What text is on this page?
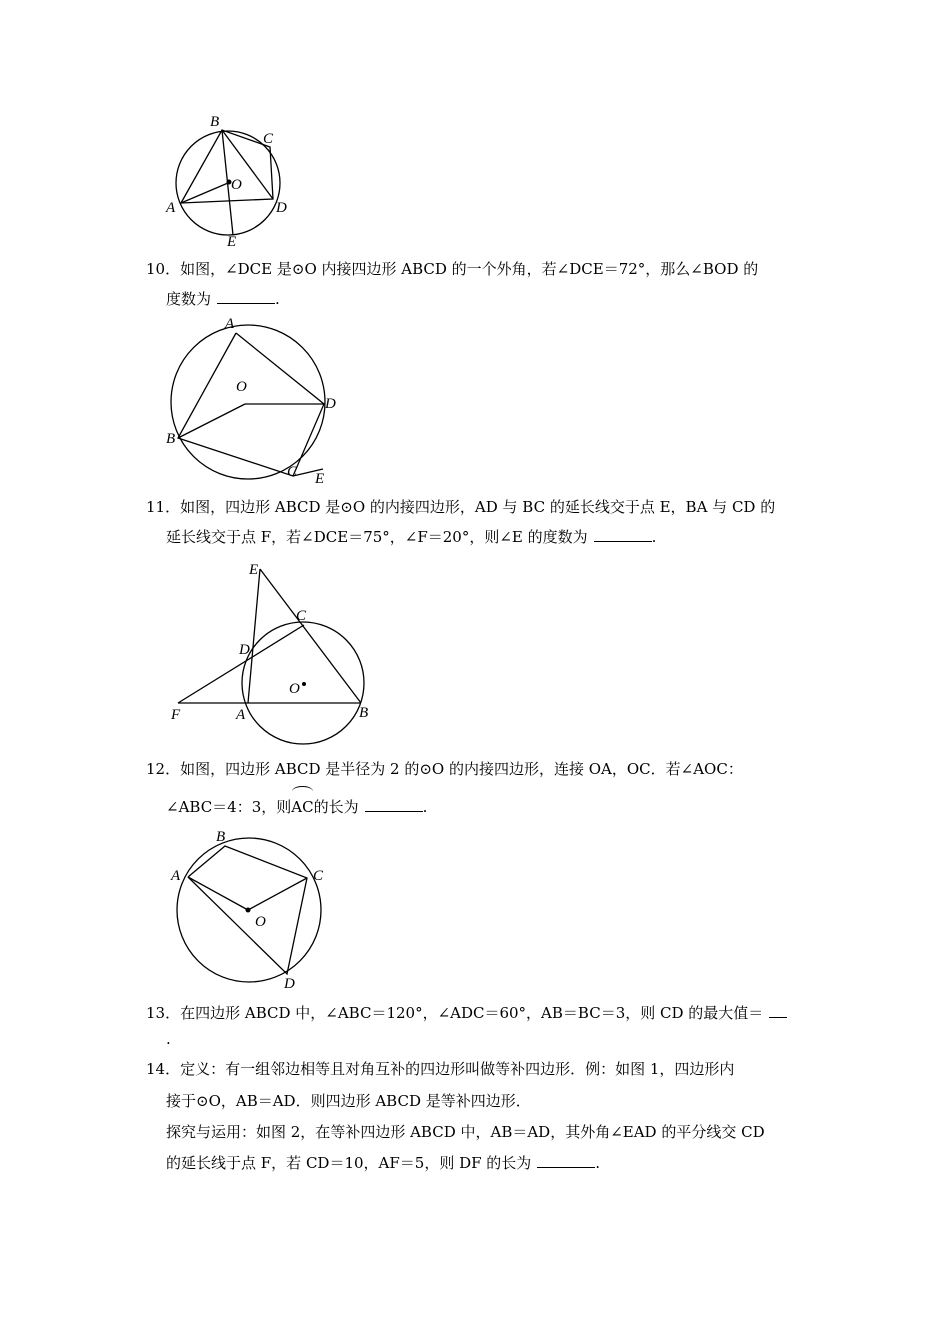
B
C
O
A	D
E

10．如图，∠DCE 是⊙O 内接四边形 ABCD 的一个外角，若∠DCE＝72°，那么∠BOD 的

度数为	.

A
O
D
B
C E

11．如图，四边形 ABCD 是⊙O 的内接四边形，AD 与 BC 的延长线交于点 E，BA 与 CD 的

延长线交于点 F，若∠DCE＝75°，∠F＝20°，则∠E 的度数为	.

E
C
D
O
F	A	B

12．如图，四边形 ABCD 是半径为 2 的⊙O 的内接四边形，连接 OA，OC．若∠AOC：

∠ABC＝4：3，则AC的长为	.

B
A	C
O
D

13．在四边形 ABCD 中，∠ABC＝120°，∠ADC＝60°，AB＝BC＝3，则 CD 的最大值＝

.

14．定义：有一组邻边相等且对角互补的四边形叫做等补四边形．例：如图 1，四边形内

接于⊙O，AB＝AD．则四边形 ABCD 是等补四边形．

探究与运用：如图 2，在等补四边形 ABCD 中，AB＝AD，其外角∠EAD 的平分线交 CD

的延长线于点 F，若 CD＝10，AF＝5，则 DF 的长为	.
